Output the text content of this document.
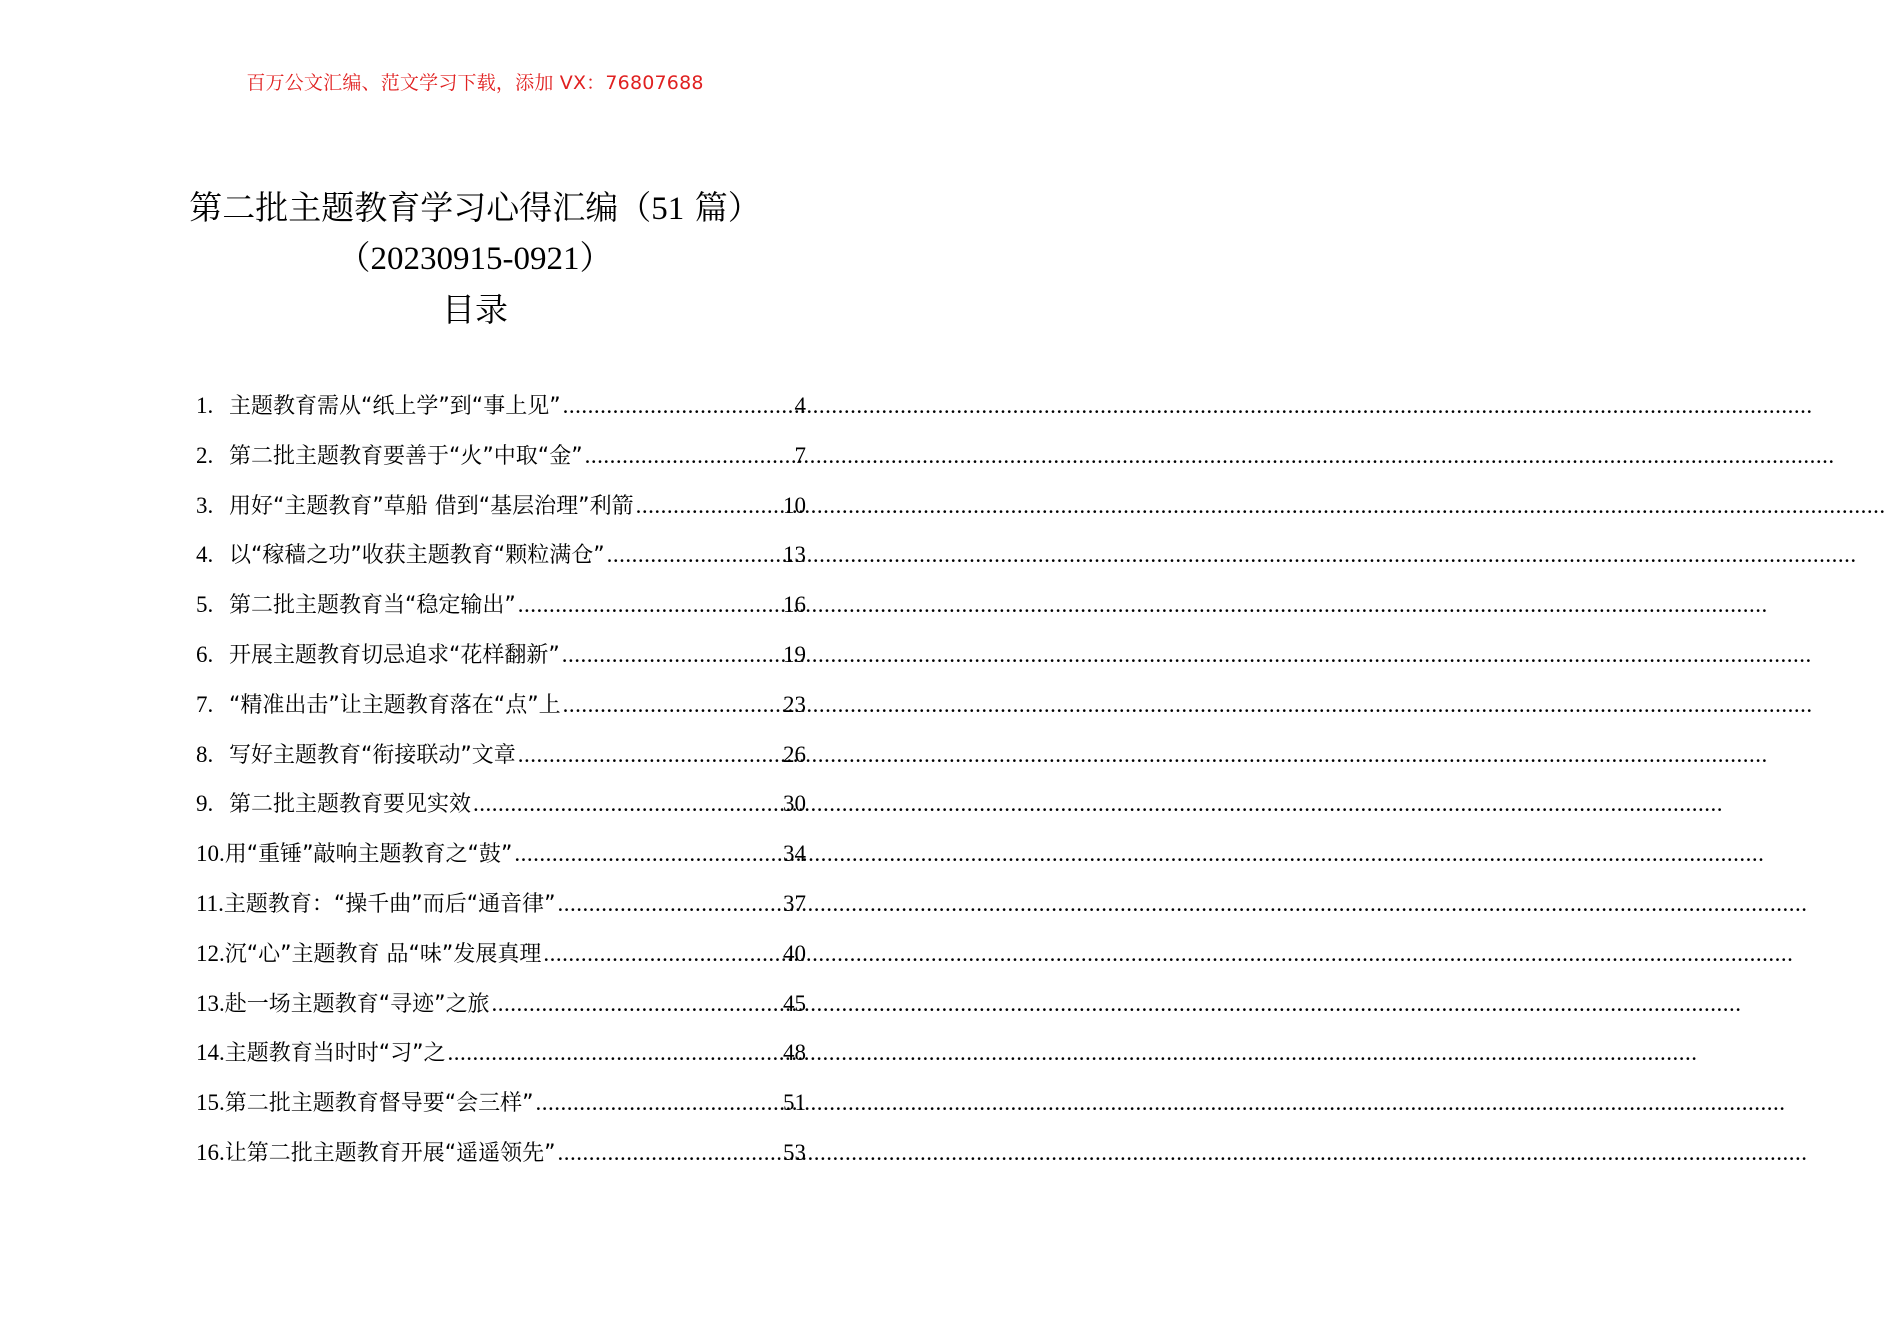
百万公文汇编、范文学习下载，添加 VX：76807688
第二批主题教育学习心得汇编（51 篇）
（20230915-0921）
目录
1. 主题教育需从“纸上学”到“事上见” .....	4
2. 第二批主题教育要善于“火”中取“金” .....	7
3. 用好“主题教育”草船 借到“基层治理”利箭 .....	10
4. 以“稼穑之功”收获主题教育“颗粒满仓” .....	13
5. 第二批主题教育当“稳定输出” .....	16
6. 开展主题教育切忌追求“花样翻新” .....	19
7. “精准出击”让主题教育落在“点”上 .....	23
8. 写好主题教育“衔接联动”文章 .....	26
9. 第二批主题教育要见实效 .....	30
10. 用“重锤”敲响主题教育之“鼓” .....	34
11. 主题教育：“操千曲”而后“通音律” .....	37
12. 沉“心”主题教育 品“味”发展真理 .....	40
13. 赴一场主题教育“寻迹”之旅 .....	45
14. 主题教育当时时“习”之 .....	48
15. 第二批主题教育督导要“会三样” .....	51
16. 让第二批主题教育开展“遥遥领先” .....	53
